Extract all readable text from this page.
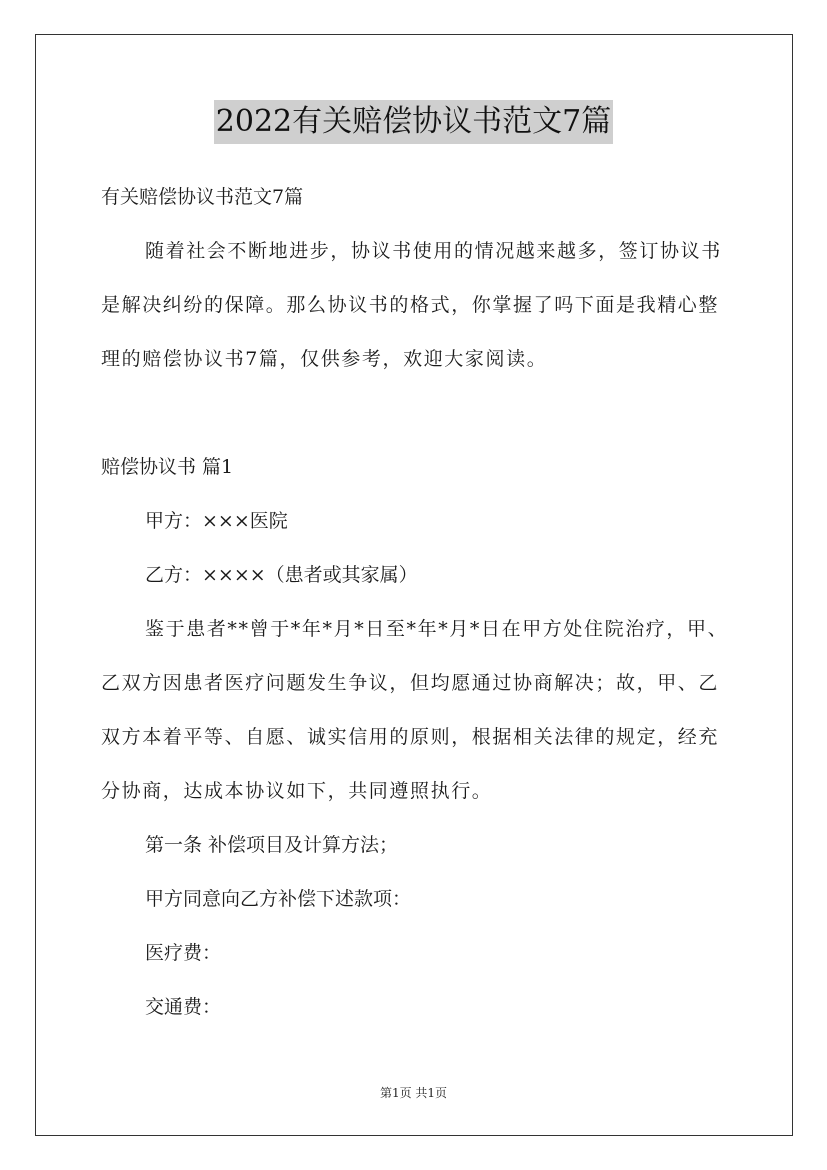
2022有关赔偿协议书范文7篇
有关赔偿协议书范文7篇
随着社会不断地进步，协议书使用的情况越来越多，签订协议书
是解决纠纷的保障。那么协议书的格式，你掌握了吗下面是我精心整
理的赔偿协议书7篇，仅供参考，欢迎大家阅读。
赔偿协议书 篇1
甲方：×××医院
乙方：××××（患者或其家属）
鉴于患者**曾于*年*月*日至*年*月*日在甲方处住院治疗，甲、
乙双方因患者医疗问题发生争议，但均愿通过协商解决；故，甲、乙
双方本着平等、自愿、诚实信用的原则，根据相关法律的规定，经充
分协商，达成本协议如下，共同遵照执行。
第一条 补偿项目及计算方法；
甲方同意向乙方补偿下述款项：
医疗费：
交通费：
第1页 共1页
